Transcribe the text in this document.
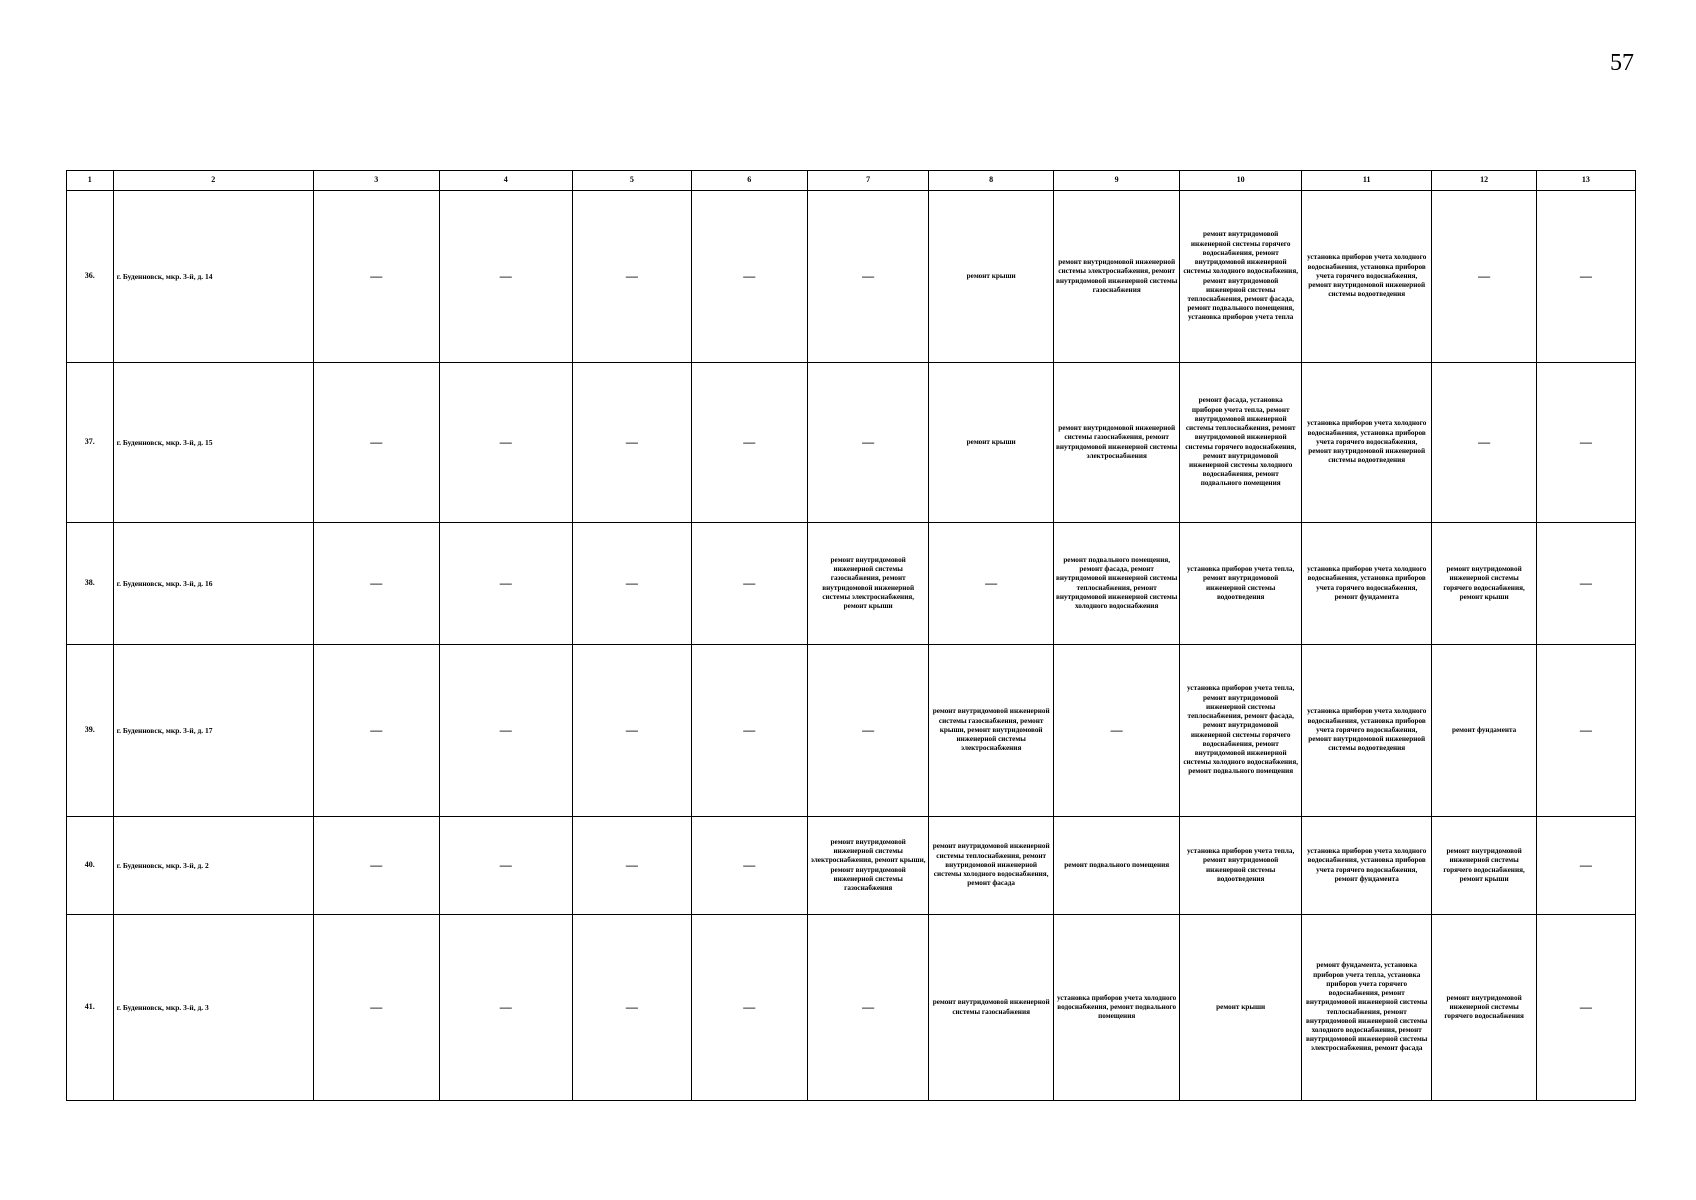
57
1	2	3	4	5	6	7	8	9	10	11	12	13
36.	г. Буденновск, мкр. 3-й, д. 14	—	—	—	—	—	ремонт крыши	ремонт внутридомовой инженерной системы электроснабжения, ремонт внутридомовой инженерной системы газоснабжения	ремонт внутридомовой инженерной системы горячего водоснабжения, ремонт внутридомовой инженерной системы холодного водоснабжения, ремонт внутридомовой инженерной системы теплоснабжения, ремонт фасада, ремонт подвального помещения, установка приборов учета тепла	установка приборов учета холодного водоснабжения, установка приборов учета горячего водоснабжения, ремонт внутридомовой инженерной системы водоотведения	—	—
37.	г. Буденновск, мкр. 3-й, д. 15	—	—	—	—	—	ремонт крыши	ремонт внутридомовой инженерной системы газоснабжения, ремонт внутридомовой инженерной системы электроснабжения	ремонт фасада, установка приборов учета тепла, ремонт внутридомовой инженерной системы теплоснабжения, ремонт внутридомовой инженерной системы горячего водоснабжения, ремонт внутридомовой инженерной системы холодного водоснабжения, ремонт подвального помещения	установка приборов учета холодного водоснабжения, установка приборов учета горячего водоснабжения, ремонт внутридомовой инженерной системы водоотведения	—	—
38.	г. Буденновск, мкр. 3-й, д. 16	—	—	—	—	ремонт внутридомовой инженерной системы газоснабжения, ремонт внутридомовой инженерной системы электроснабжения, ремонт крыши	—	ремонт подвального помещения, ремонт фасада, ремонт внутридомовой инженерной системы теплоснабжения, ремонт внутридомовой инженерной системы холодного водоснабжения	установка приборов учета тепла, ремонт внутридомовой инженерной системы водоотведения	установка приборов учета холодного водоснабжения, установка приборов учета горячего водоснабжения, ремонт фундамента	ремонт внутридомовой инженерной системы горячего водоснабжения, ремонт крыши	—
39.	г. Буденновск, мкр. 3-й, д. 17	—	—	—	—	—	ремонт внутридомовой инженерной системы газоснабжения, ремонт крыши, ремонт внутридомовой инженерной системы электроснабжения	—	установка приборов учета тепла, ремонт внутридомовой инженерной системы теплоснабжения, ремонт фасада, ремонт внутридомовой инженерной системы горячего водоснабжения, ремонт внутридомовой инженерной системы холодного водоснабжения, ремонт подвального помещения	установка приборов учета холодного водоснабжения, установка приборов учета горячего водоснабжения, ремонт внутридомовой инженерной системы водоотведения	ремонт фундамента	—
40.	г. Буденновск, мкр. 3-й, д. 2	—	—	—	—	ремонт внутридомовой инженерной системы электроснабжения, ремонт крыши, ремонт внутридомовой инженерной системы газоснабжения	ремонт внутридомовой инженерной системы теплоснабжения, ремонт внутридомовой инженерной системы холодного водоснабжения, ремонт фасада	ремонт подвального помещения	установка приборов учета тепла, ремонт внутридомовой инженерной системы водоотведения	установка приборов учета холодного водоснабжения, установка приборов учета горячего водоснабжения, ремонт фундамента	ремонт внутридомовой инженерной системы горячего водоснабжения, ремонт крыши	—
41.	г. Буденновск, мкр. 3-й, д. 3	—	—	—	—	—	ремонт внутридомовой инженерной системы газоснабжения	установка приборов учета холодного водоснабжения, ремонт подвального помещения	ремонт крыши	ремонт фундамента, установка приборов учета тепла, установка приборов учета горячего водоснабжения, ремонт внутридомовой инженерной системы теплоснабжения, ремонт внутридомовой инженерной системы холодного водоснабжения, ремонт внутридомовой инженерной системы электроснабжения, ремонт фасада	ремонт внутридомовой инженерной системы горячего водоснабжения	—
